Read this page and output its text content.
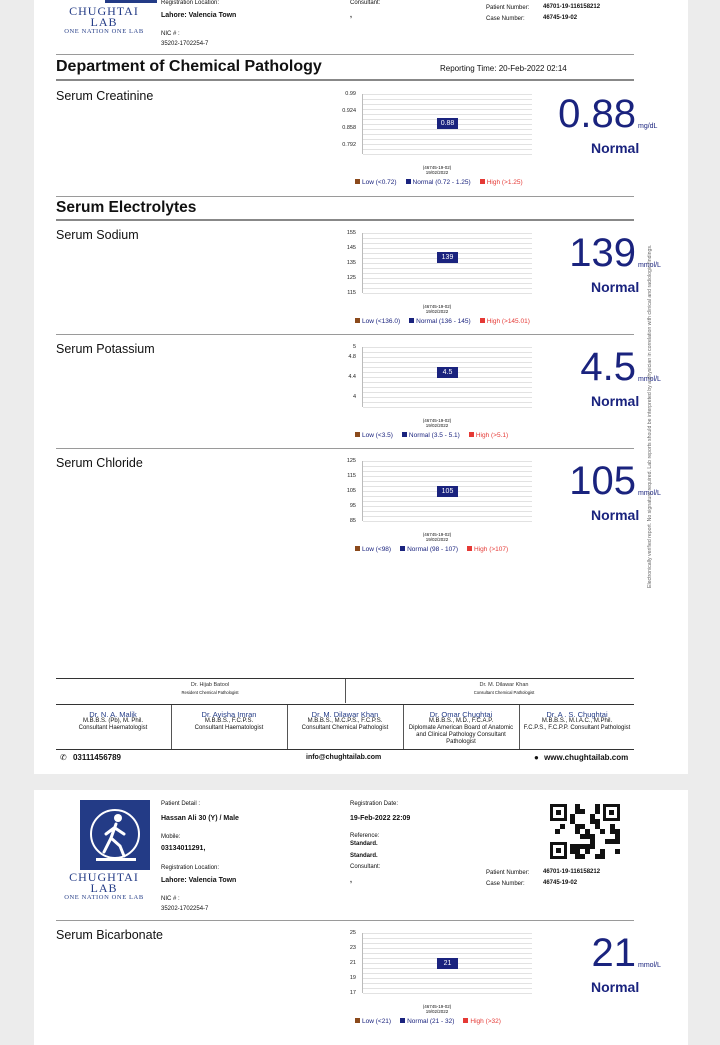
CHUGHTAI LAB
ONE NATION ONE LAB
Registration Location:
Lahore: Valencia Town
NIC # :
35202-1702254-7
Consultant:
,
Patient Number: 46701-19-116158212
Case Number:	46745-19-02
Department of Chemical Pathology	Reporting Time: 20-Feb-2022 02:14
Serum Creatinine	0.99
0.924
0.858
0.792
0.88
(46745-19-02)
19/02/2022
Low (<0.72) Normal (0.72 - 1.25) High (>1.25)
0.88 mg/dL
Normal
Serum Electrolytes
Serum Sodium	155
145
135
125
115
139
(46745-19-02)
19/02/2022
Low (<136.0) Normal (136 - 145) High (>145.01)
139 mmol/L
Normal
Serum Potassium	5
4.8
4.4
4
4.5
(46745-19-02)
19/02/2022
Low (<3.5) Normal (3.5 - 5.1) High (>5.1)
4.5 mmol/L
Normal
Serum Chloride	125
115
105
95
85
105
(46745-19-02)
19/02/2022
Low (<98) Normal (98 - 107) High (>107)
105 mmol/L
Normal Electronically verified report. No signature required. Lab reports should be interpreted by a physician in correlation with clinical and radiologic findings.
Dr. Hijab Batool
Resident Chemical Pathologist
Dr. M. Dilawar Khan
Consultant Chemical Pathologist
Dr. N. A. Malik
M.B.B.S. (Pb), M. Phil.
Consultant Haematologist
Dr. Ayisha Imran
M.B.B.S., F.C.P.S.
Consultant Haematologist
Dr. M. Dilawar Khan
M.B.B.S., M.C.P.S., F.C.P.S.
Consultant Chemical Pathologist
Dr. Omar Chughtai
M.B.B.S., M.D., F.C.A.P.
Diplomate American Board of Anatomic and Clinical Pathology Consultant Pathologist
Dr. A . S. Chughtai
M.B.B.S., M.I.A.C., M.Phil.
F.C.P.S., F.C.P.P. Consultant Pathologist
✆ 03111456789	info@chughtailab.com	● www.chughtailab.com
CHUGHTAI LAB
ONE NATION ONE LAB
Patient Detail :
Hassan Ali 30 (Y) / Male
Mobile:
03134011291,
Registration Location:
Lahore: Valencia Town
NIC # :
35202-1702254-7
Registration Date:
19-Feb-2022 22:09
Reference:
Standard.
Standard.
Consultant:
,
Patient Number: 46701-19-116158212
Case Number:	46745-19-02
Serum Bicarbonate	25
23
21
19
17
21
(46745-19-02)
19/02/2022
Low (<21) Normal (21 - 32) High (>32)
21 mmol/L
Normal
